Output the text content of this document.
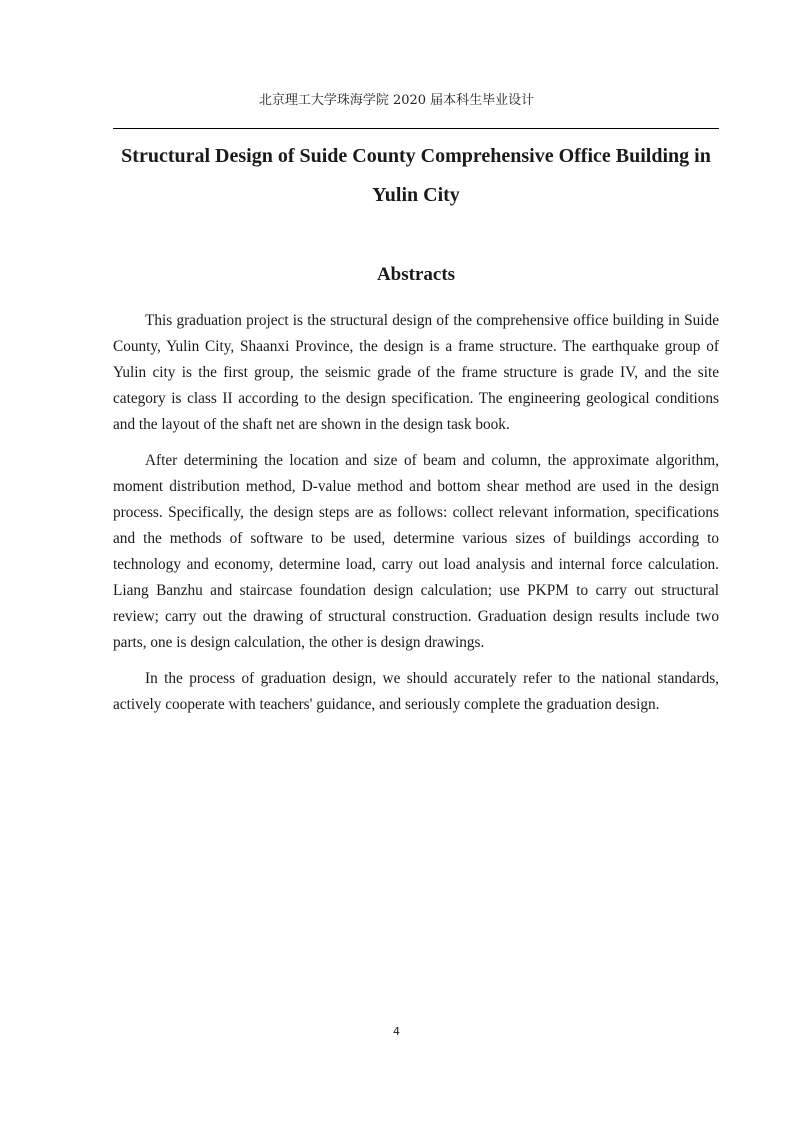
北京理工大学珠海学院 2020 届本科生毕业设计
Structural Design of Suide County Comprehensive Office Building in Yulin City
Abstracts

This graduation project is the structural design of the comprehensive office building in Suide County, Yulin City, Shaanxi Province, the design is a frame structure. The earthquake group of Yulin city is the first group, the seismic grade of the frame structure is grade IV, and the site category is class II according to the design specification. The engineering geological conditions and the layout of the shaft net are shown in the design task book.

After determining the location and size of beam and column, the approximate algorithm, moment distribution method, D-value method and bottom shear method are used in the design process. Specifically, the design steps are as follows: collect relevant information, specifications and the methods of software to be used, determine various sizes of buildings according to technology and economy, determine load, carry out load analysis and internal force calculation. Liang Banzhu and staircase foundation design calculation; use PKPM to carry out structural review; carry out the drawing of structural construction. Graduation design results include two parts, one is design calculation, the other is design drawings.

In the process of graduation design, we should accurately refer to the national standards, actively cooperate with teachers' guidance, and seriously complete the graduation design.

4
